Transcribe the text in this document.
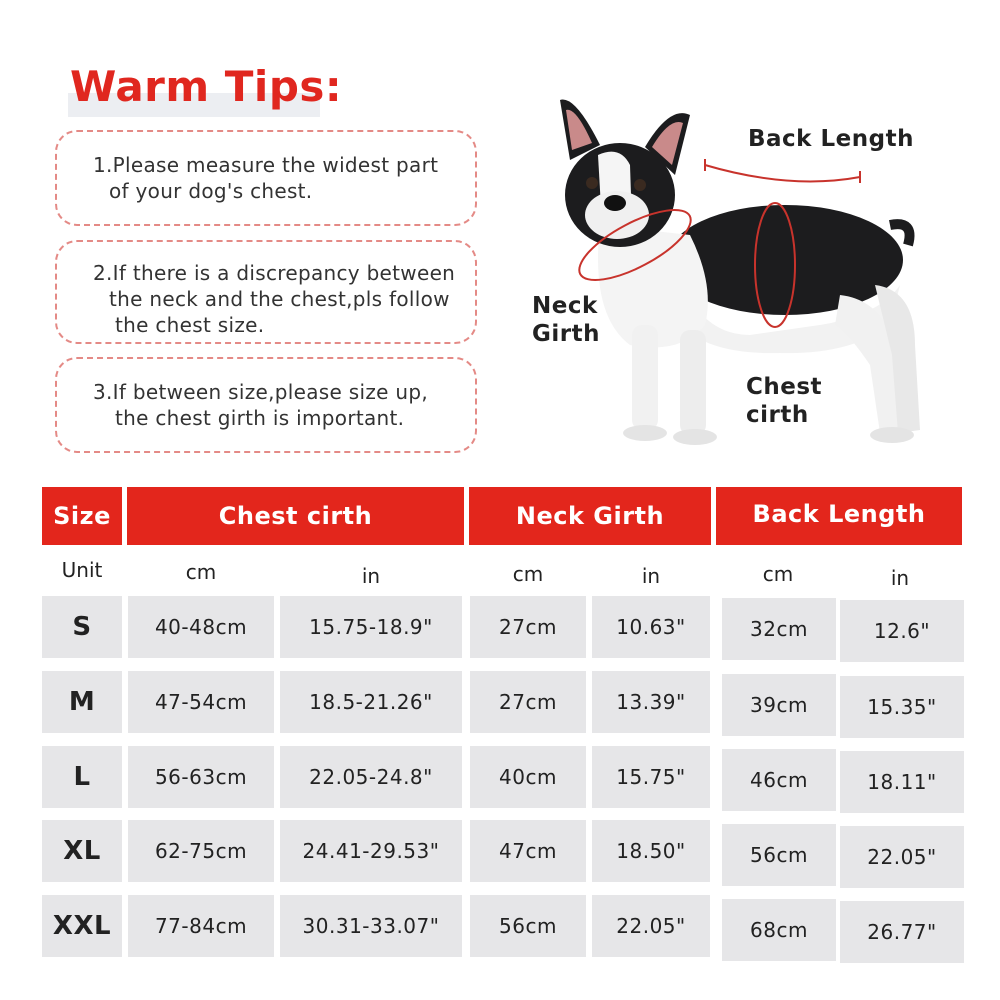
Warm Tips:
1.Please measure the widest part
of your dog's chest.
2.If there is a discrepancy between
the neck and the chest,pls follow
the chest size.
3.If between size,please size up,
the chest girth is important.
Back Length
Neck
Girth
Chest
cirth
Size	Chest cirth	Neck Girth	Back Length
Unit	cm	in	cm	in	cm	in
S	40-48cm	15.75-18.9"	27cm	10.63"	32cm	12.6"
M	47-54cm	18.5-21.26"	27cm	13.39"	39cm	15.35"
L	56-63cm	22.05-24.8"	40cm	15.75"	46cm	18.11"
XL	62-75cm	24.41-29.53"	47cm	18.50"	56cm	22.05"
XXL	77-84cm	30.31-33.07"	56cm	22.05"	68cm	26.77"
